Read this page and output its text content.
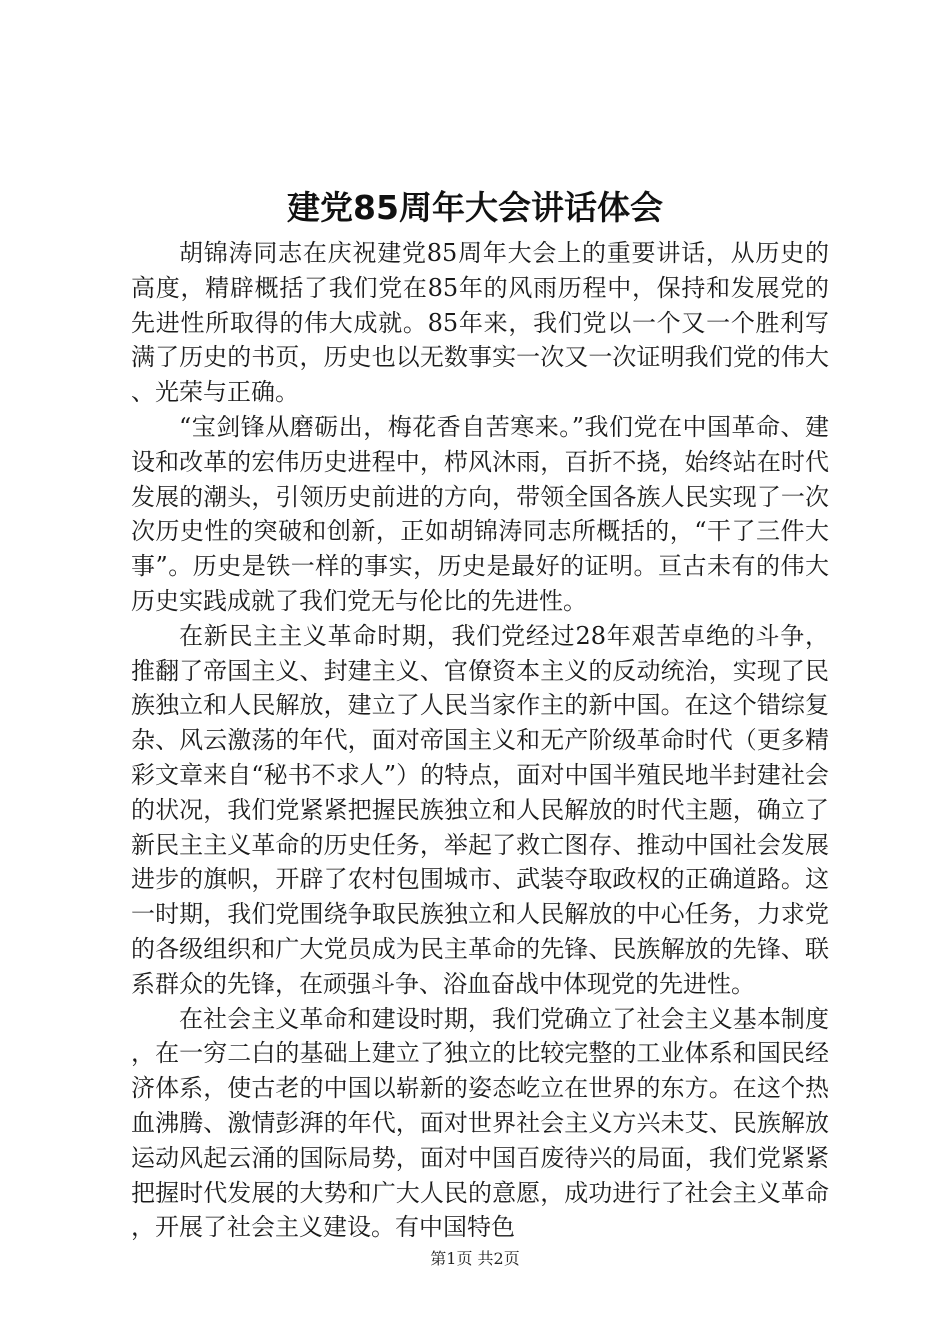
建党85周年大会讲话体会

胡锦涛同志在庆祝建党85周年大会上的重要讲话，从历史的高度，精辟概括了我们党在85年的风雨历程中，保持和发展党的先进性所取得的伟大成就。85年来，我们党以一个又一个胜利写满了历史的书页，历史也以无数事实一次又一次证明我们党的伟大、光荣与正确。

“宝剑锋从磨砺出，梅花香自苦寒来。”我们党在中国革命、建设和改革的宏伟历史进程中，栉风沐雨，百折不挠，始终站在时代发展的潮头，引领历史前进的方向，带领全国各族人民实现了一次次历史性的突破和创新，正如胡锦涛同志所概括的，“干了三件大事”。历史是铁一样的事实，历史是最好的证明。亘古未有的伟大历史实践成就了我们党无与伦比的先进性。

在新民主主义革命时期，我们党经过28年艰苦卓绝的斗争，推翻了帝国主义、封建主义、官僚资本主义的反动统治，实现了民族独立和人民解放，建立了人民当家作主的新中国。在这个错综复杂、风云激荡的年代，面对帝国主义和无产阶级革命时代（更多精彩文章来自“秘书不求人”）的特点，面对中国半殖民地半封建社会的状况，我们党紧紧把握民族独立和人民解放的时代主题，确立了新民主主义革命的历史任务，举起了救亡图存、推动中国社会发展进步的旗帜，开辟了农村包围城市、武装夺取政权的正确道路。这一时期，我们党围绕争取民族独立和人民解放的中心任务，力求党的各级组织和广大党员成为民主革命的先锋、民族解放的先锋、联系群众的先锋，在顽强斗争、浴血奋战中体现党的先进性。

在社会主义革命和建设时期，我们党确立了社会主义基本制度，在一穷二白的基础上建立了独立的比较完整的工业体系和国民经济体系，使古老的中国以崭新的姿态屹立在世界的东方。在这个热血沸腾、激情彭湃的年代，面对世界社会主义方兴未艾、民族解放运动风起云涌的国际局势，面对中国百废待兴的局面，我们党紧紧把握时代发展的大势和广大人民的意愿，成功进行了社会主义革命，开展了社会主义建设。有中国特色

第1页 共2页
